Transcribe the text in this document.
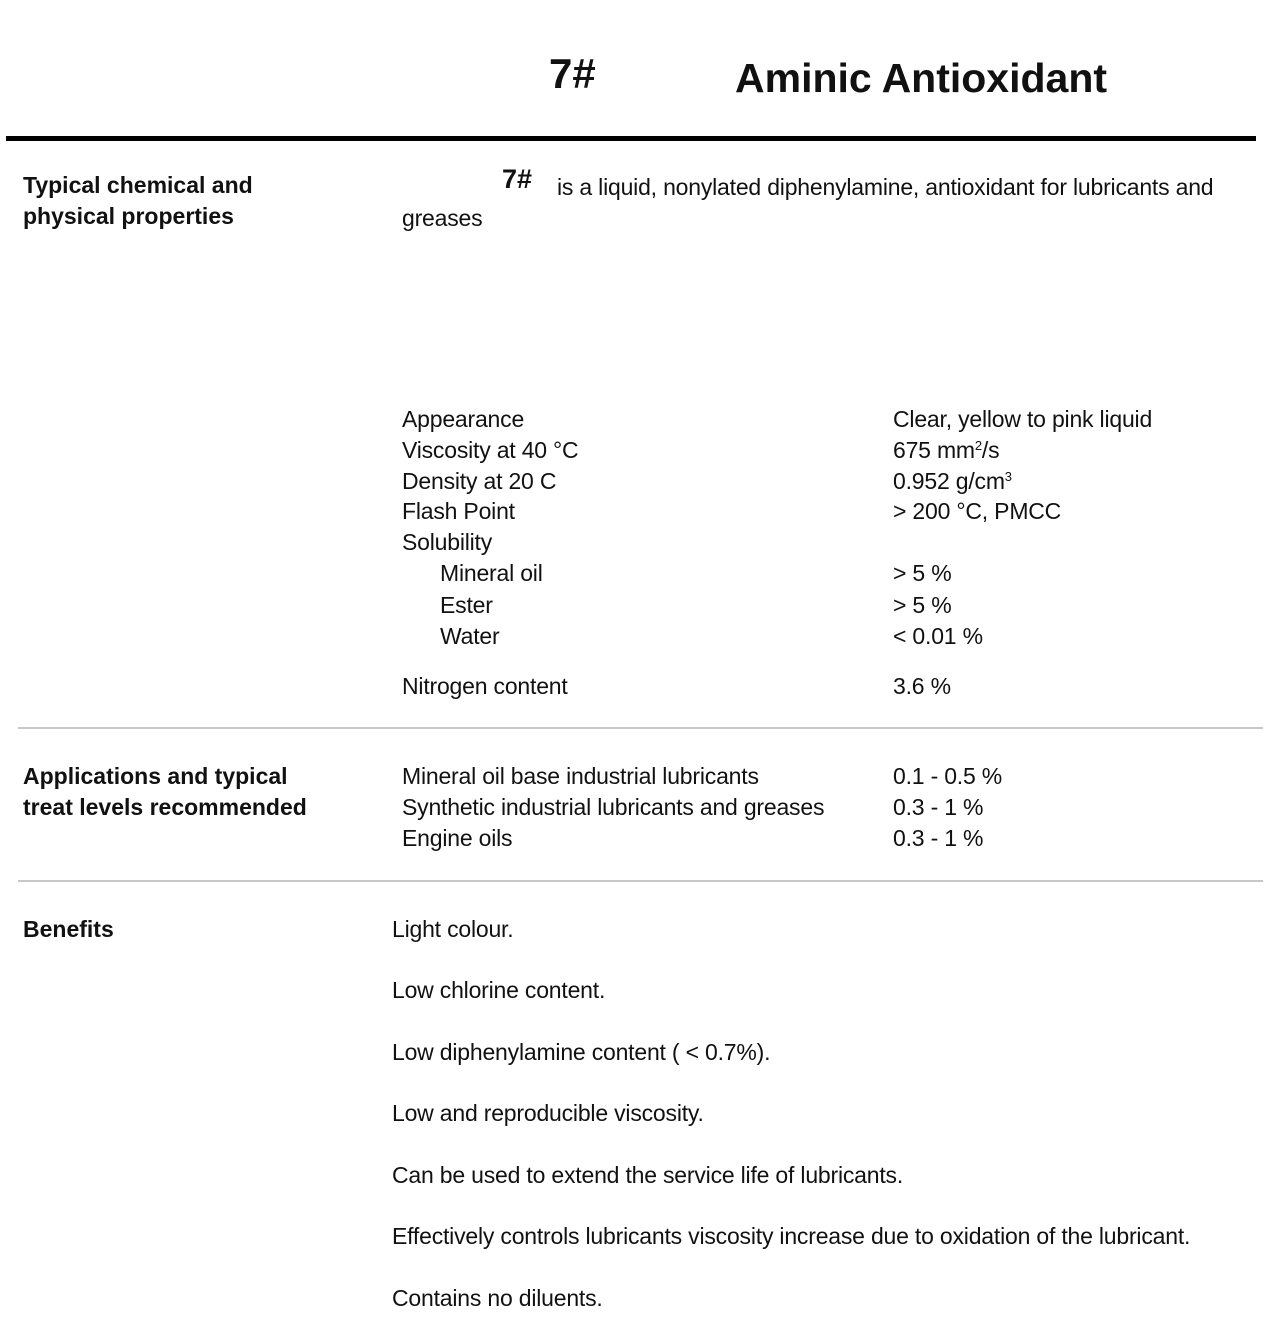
7#	Aminic Antioxidant
Typical chemical and physical properties
7# is a liquid, nonylated diphenylamine, antioxidant for lubricants and
greases
Appearance	Clear, yellow to pink liquid
Viscosity at 40 °C	675 $mm^2/s$
Density at 20 C	0.952 $g/cm^3$
Flash Point	> 200 °C, PMCC
Solubility
Mineral oil	> 5 %
Ester	> 5 %
Water	< 0.01 %
Nitrogen content	3.6 %
Applications and typical treat levels recommended
Mineral oil base industrial lubricants	0.1 - 0.5 %
Synthetic industrial lubricants and greases	0.3 - 1 %
Engine oils	0.3 - 1 %
Benefits	Light colour.
Low chlorine content.
Low diphenylamine content ( < 0.7%).
Low and reproducible viscosity.
Can be used to extend the service life of lubricants.
Effectively controls lubricants viscosity increase due to oxidation of the lubricant.
Contains no diluents.
